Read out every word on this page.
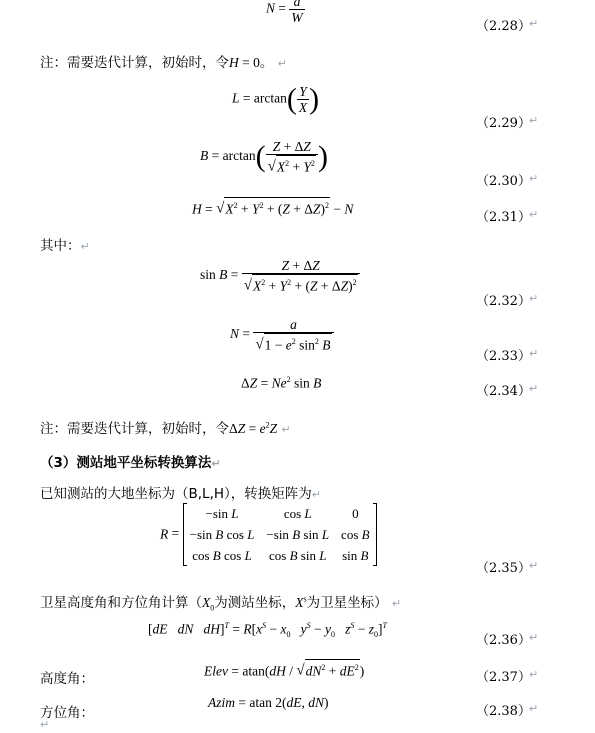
$N = \frac{a}{W}$
（2.28）
↵
注：需要迭代计算，初始时，令H = 0。 ↵
$L = \arctan( \frac{Y}{X}$ )
（2.29）
↵
$B = \arctan( \frac{Z + \Delta Z}{√X^2 + Y^2}$ )
（2.30）
↵
$H = √X^2 + Y^2 + (Z + \Delta Z)^2 - N$
（2.31）
↵
其中：↵
$\sin B = \frac{Z + \Delta Z}{√X^2 + Y^2 + (Z + \Delta Z)^2}$
（2.32）
↵
$N = \frac{a}{√1 - e^2 \sin^2 B}$
（2.33）
↵
$\Delta Z = Ne^2$ sin B
（2.34）
↵
注：需要迭代计算，初始时，令$\Delta Z = e^2Z$ ↵
（3）测站地平坐标转换算法↵
已知测站的大地坐标为（B,L,H），转换矩阵为↵
R =
−sin L	cos L	0
−sin B cos L	−sin B sin L	cos B
cos B cos L	cos B sin L	sin B
（2.35）
↵
卫星高度角和方位角计算（$X_0$为测站坐标，$X^s$为卫星坐标） ↵
[dE dN $dH]^T = R[x^S - x_0$ $y^S - y_0$ $z^S - z_0]^T$
（2.36）
↵
高度角：	Elev = $atan(dH / √dN^2 + dE^2)$	（2.37）
↵
方位角：
Azim = atan 2(dE, dN)
（2.38）
↵
↵
